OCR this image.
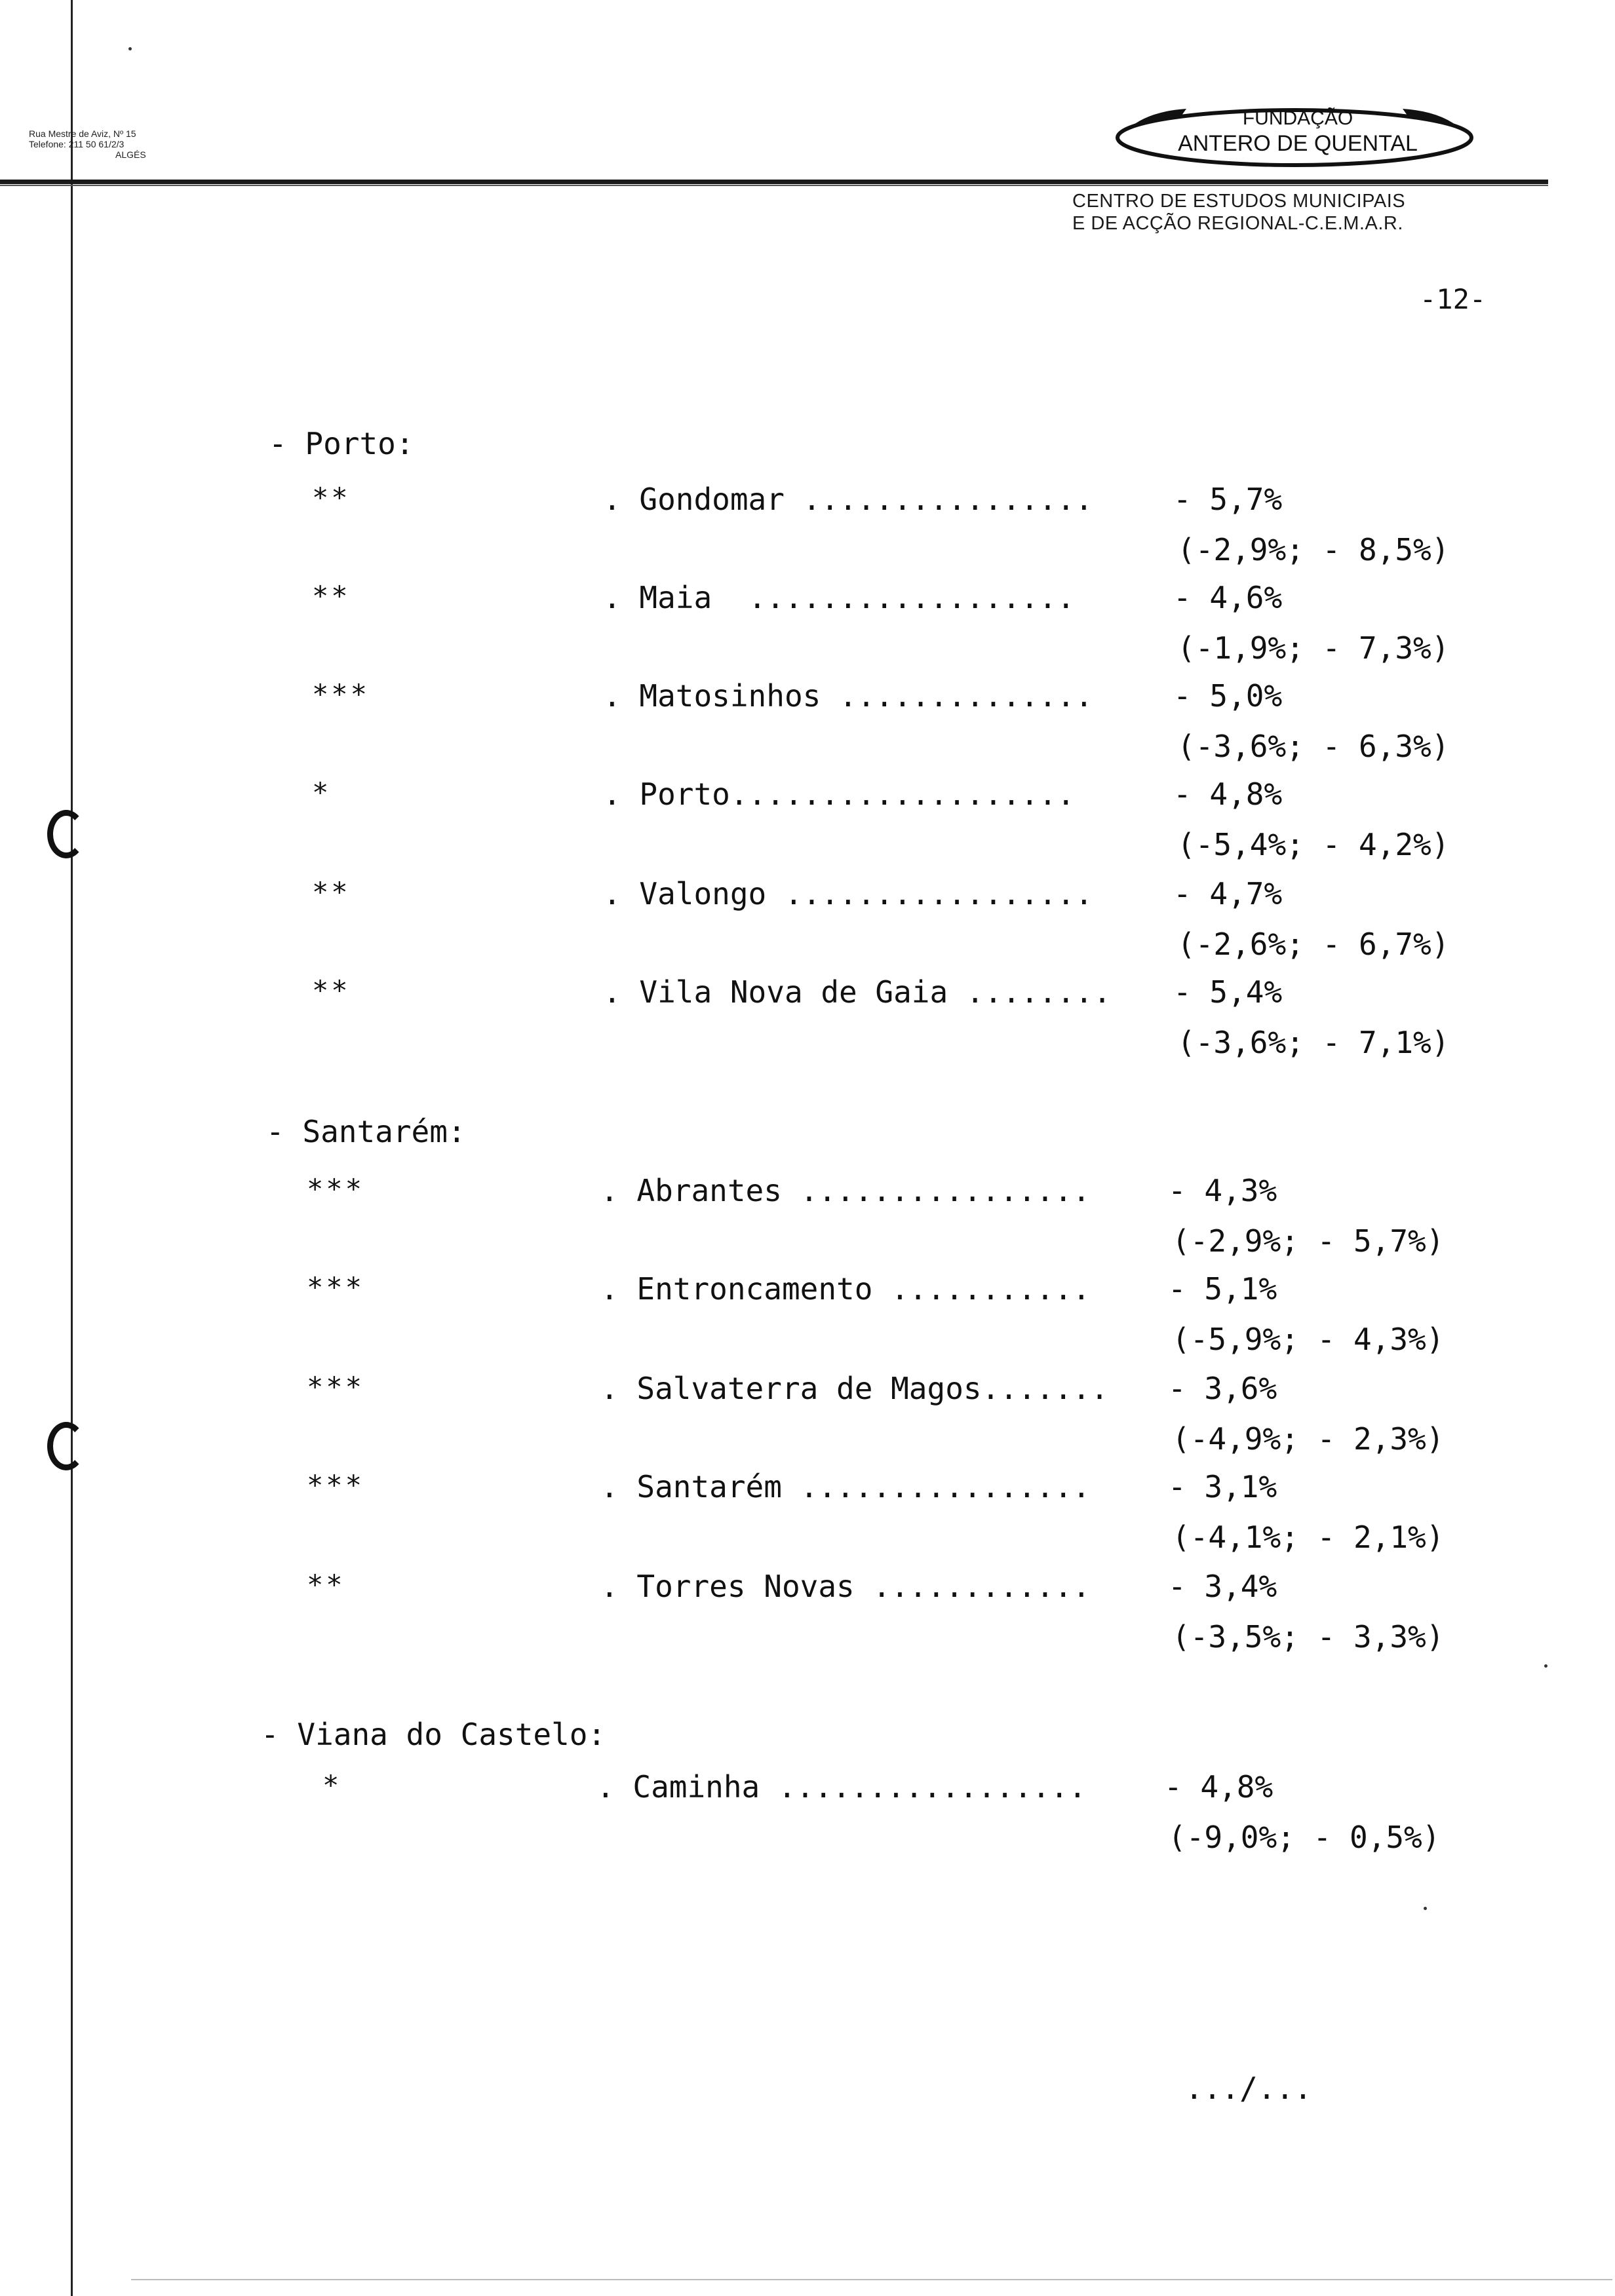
Rua Mestre de Aviz, Nº 15
Telefone: 211 50 61/2/3
ALGÉS
FUNDAÇÃO
ANTERO DE QUENTAL
CENTRO DE ESTUDOS MUNICIPAIS
E DE ACÇÃO REGIONAL-C.E.M.A.R.
-12-
- Porto:
**	. Gondomar ................	- 5,7%
(-2,9%; - 8,5%)
**	. Maia  ..................	- 4,6%
(-1,9%; - 7,3%)
***	. Matosinhos ..............	- 5,0%
(-3,6%; - 6,3%)
*	. Porto...................	- 4,8%
(-5,4%; - 4,2%)
**	. Valongo .................	- 4,7%
(-2,6%; - 6,7%)
**	. Vila Nova de Gaia ........ - 5,4%
(-3,6%; - 7,1%)
- Santarém:
***	. Abrantes ................	- 4,3%
(-2,9%; - 5,7%)
***	. Entroncamento ...........	- 5,1%
(-5,9%; - 4,3%)
***	. Salvaterra de Magos....... - 3,6%
(-4,9%; - 2,3%)
***	. Santarém ................	- 3,1%
(-4,1%; - 2,1%)
**	. Torres Novas ............	- 3,4%
(-3,5%; - 3,3%)
- Viana do Castelo:
*	. Caminha .................	- 4,8%
(-9,0%; - 0,5%)
.../...
